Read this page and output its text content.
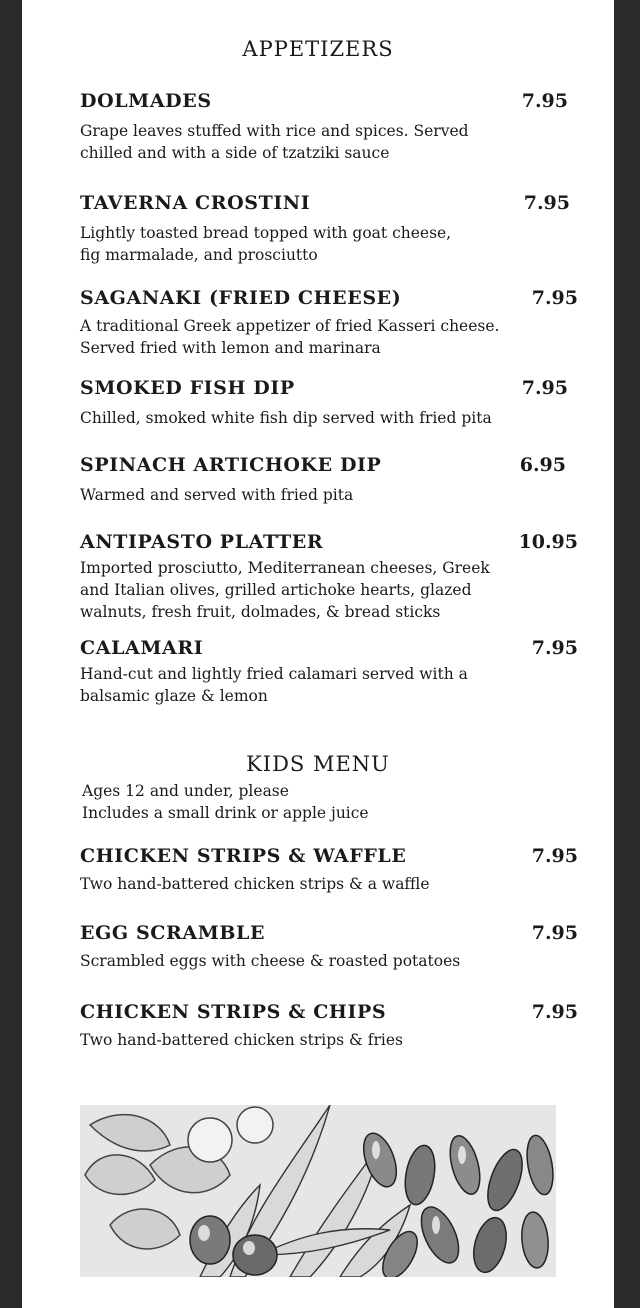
APPETIZERS
DOLMADES	7.95
Grape leaves stuffed with rice and spices. Served
chilled and with a side of tzatziki sauce
TAVERNA CROSTINI	7.95
Lightly toasted bread topped with goat cheese,
fig marmalade, and prosciutto
SAGANAKI (FRIED CHEESE)	7.95
A traditional Greek appetizer of fried Kasseri cheese.
Served fried with lemon and marinara
SMOKED FISH DIP	7.95
Chilled, smoked white fish dip served with fried pita
SPINACH ARTICHOKE DIP	6.95
Warmed and served with fried pita
ANTIPASTO PLATTER	10.95
Imported prosciutto, Mediterranean cheeses, Greek
and Italian olives, grilled artichoke hearts, glazed
walnuts, fresh fruit, dolmades, & bread sticks
CALAMARI	7.95
Hand-cut and lightly fried calamari served with a
balsamic glaze & lemon
KIDS MENU
Ages 12 and under, please
Includes a small drink or apple juice
CHICKEN STRIPS & WAFFLE	7.95
Two hand-battered chicken strips & a waffle
EGG SCRAMBLE	7.95
Scrambled eggs with cheese & roasted potatoes
CHICKEN STRIPS & CHIPS	7.95
Two hand-battered chicken strips & fries
